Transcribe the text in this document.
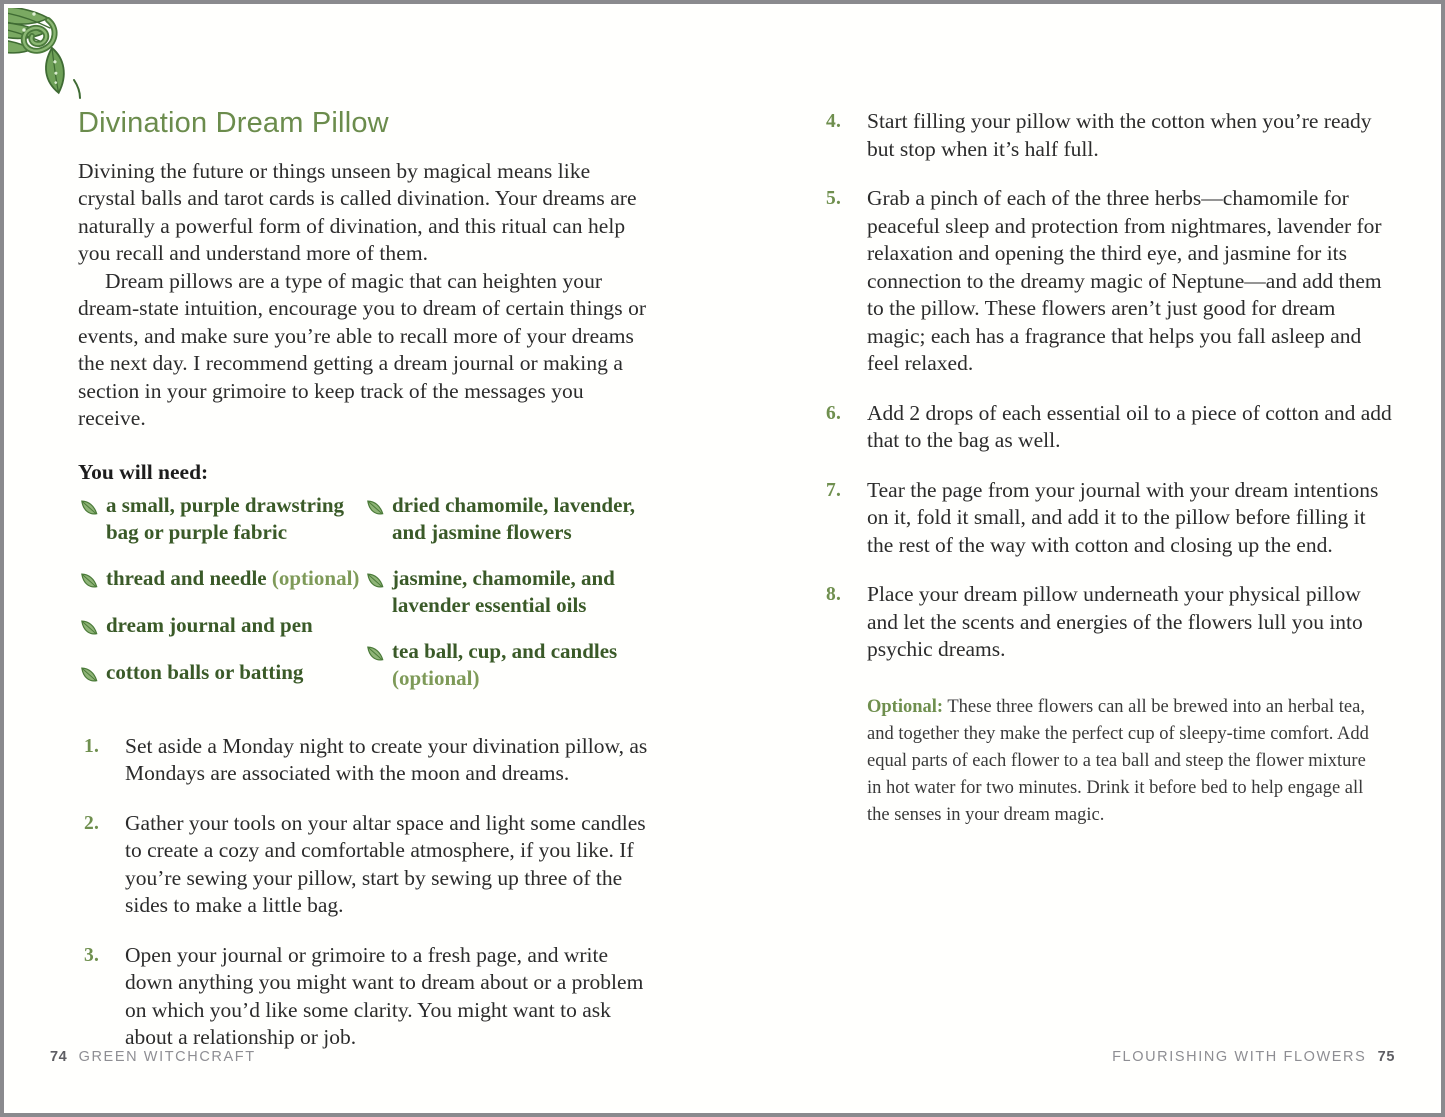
Divination Dream Pillow

Divining the future or things unseen by magical means like crystal balls and tarot cards is called divination. Your dreams are naturally a powerful form of divination, and this ritual can help you recall and understand more of them.

Dream pillows are a type of magic that can heighten your dream-state intuition, encourage you to dream of certain things or events, and make sure you’re able to recall more of your dreams the next day. I recommend getting a dream journal or making a section in your grimoire to keep track of the messages you receive.

You will need:
a small, purple drawstring bag or purple fabric
thread and needle (optional)
dream journal and pen
cotton balls or batting
dried chamomile, lavender, and jasmine flowers
jasmine, chamomile, and lavender essential oils
tea ball, cup, and candles (optional)
1.	Set aside a Monday night to create your divination pillow, as Mondays are associated with the moon and dreams.
2.	Gather your tools on your altar space and light some candles to create a cozy and comfortable atmosphere, if you like. If you’re sewing your pillow, start by sewing up three of the sides to make a little bag.
3.	Open your journal or grimoire to a fresh page, and write down anything you might want to dream about or a problem on which you’d like some clarity. You might want to ask about a relationship or job.
4.	Start filling your pillow with the cotton when you’re ready but stop when it’s half full.
5.	Grab a pinch of each of the three herbs—chamomile for peaceful sleep and protection from nightmares, lavender for relaxation and opening the third eye, and jasmine for its connection to the dreamy magic of Neptune—and add them to the pillow. These flowers aren’t just good for dream magic; each has a fragrance that helps you fall asleep and feel relaxed.
6.	Add 2 drops of each essential oil to a piece of cotton and add that to the bag as well.
7.	Tear the page from your journal with your dream intentions on it, fold it small, and add it to the pillow before filling it the rest of the way with cotton and closing up the end.
8.	Place your dream pillow underneath your physical pillow and let the scents and energies of the flowers lull you into psychic dreams.

Optional: These three flowers can all be brewed into an herbal tea, and together they make the perfect cup of sleepy-time comfort. Add equal parts of each flower to a tea ball and steep the flower mixture in hot water for two minutes. Drink it before bed to help engage all the senses in your dream magic.

74 GREEN WITCHCRAFT	FLOURISHING WITH FLOWERS 75
